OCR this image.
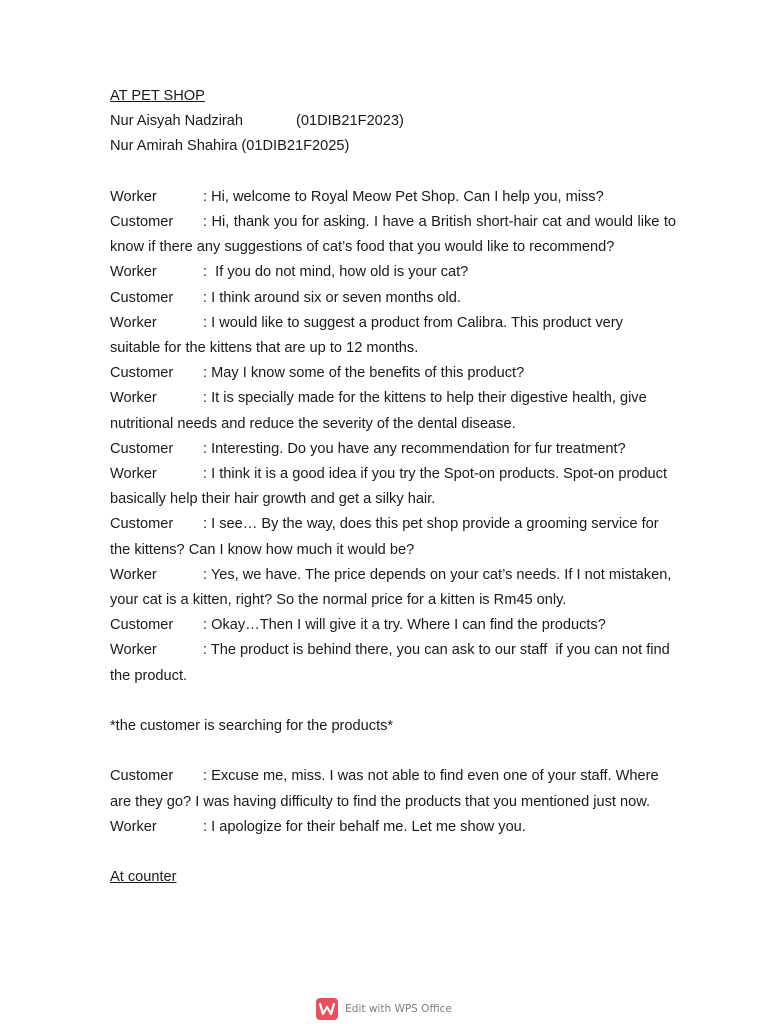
AT PET SHOP

Nur Aisyah Nadzirah	(01DIB21F2023)

Nur Amirah Shahira (01DIB21F2025)

Worker	: Hi, welcome to Royal Meow Pet Shop. Can I help you, miss?

Customer : Hi, thank you for asking. I have a British short-hair cat and would like to know if there any suggestions of cat’s food that you would like to recommend?

Worker	:  If you do not mind, how old is your cat?

Customer : I think around six or seven months old.

Worker	: I would like to suggest a product from Calibra. This product very suitable for the kittens that are up to 12 months.

Customer : May I know some of the benefits of this product?

Worker	: It is specially made for the kittens to help their digestive health, give nutritional needs and reduce the severity of the dental disease.

Customer : Interesting. Do you have any recommendation for fur treatment?

Worker	: I think it is a good idea if you try the Spot-on products. Spot-on product basically help their hair growth and get a silky hair.

Customer : I see… By the way, does this pet shop provide a grooming service for the kittens? Can I know how much it would be?

Worker	: Yes, we have. The price depends on your cat’s needs. If I not mistaken, your cat is a kitten, right? So the normal price for a kitten is Rm45 only.

Customer : Okay…Then I will give it a try. Where I can find the products?

Worker	: The product is behind there, you can ask to our staff  if you can not find the product.

*the customer is searching for the products*

Customer : Excuse me, miss. I was not able to find even one of your staff. Where are they go? I was having difficulty to find the products that you mentioned just now.

Worker	: I apologize for their behalf me. Let me show you.

At counter

Edit with WPS Office
